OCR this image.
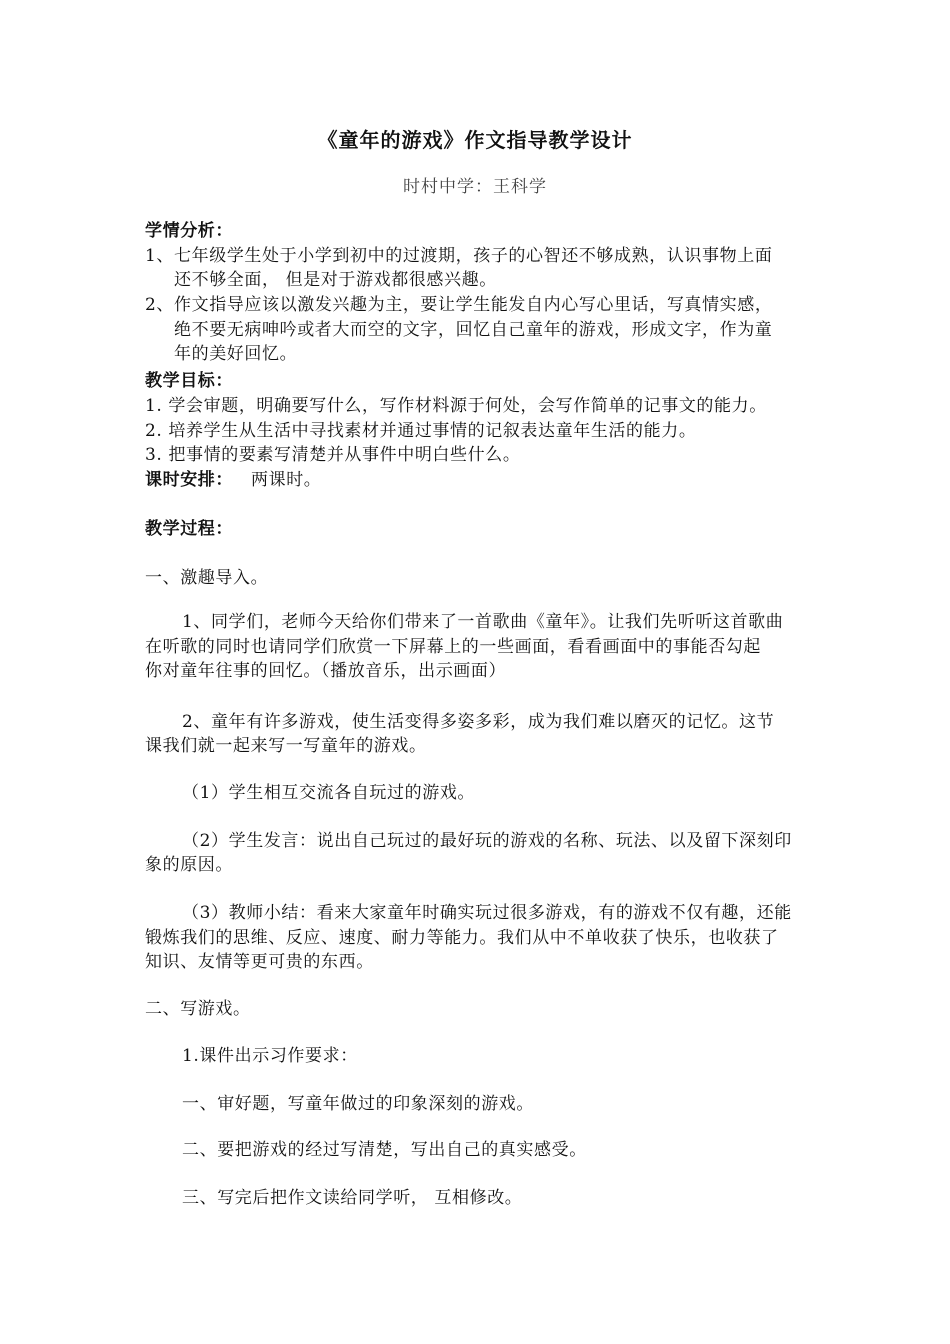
《童年的游戏》作文指导教学设计
时村中学：王科学
学情分析：
1、七年级学生处于小学到初中的过渡期，孩子的心智还不够成熟，认识事物上面
还不够全面， 但是对于游戏都很感兴趣。
2、作文指导应该以激发兴趣为主，要让学生能发自内心写心里话，写真情实感，
绝不要无病呻吟或者大而空的文字，回忆自己童年的游戏，形成文字，作为童
年的美好回忆。
教学目标：
1. 学会审题，明确要写什么，写作材料源于何处，会写作简单的记事文的能力。
2. 培养学生从生活中寻找素材并通过事情的记叙表达童年生活的能力。
3. 把事情的要素写清楚并从事件中明白些什么。
课时安排： 两课时。
教学过程：
一、激趣导入。
1、同学们，老师今天给你们带来了一首歌曲《童年》。让我们先听听这首歌曲
在听歌的同时也请同学们欣赏一下屏幕上的一些画面，看看画面中的事能否勾起
你对童年往事的回忆。（播放音乐，出示画面）
2、童年有许多游戏，使生活变得多姿多彩，成为我们难以磨灭的记忆。这节
课我们就一起来写一写童年的游戏。
（1）学生相互交流各自玩过的游戏。
（2）学生发言：说出自己玩过的最好玩的游戏的名称、玩法、以及留下深刻印
象的原因。
（3）教师小结：看来大家童年时确实玩过很多游戏，有的游戏不仅有趣，还能
锻炼我们的思维、反应、速度、耐力等能力。我们从中不单收获了快乐，也收获了
知识、友情等更可贵的东西。
二、写游戏。
1.课件出示习作要求：
一、审好题，写童年做过的印象深刻的游戏。
二、要把游戏的经过写清楚，写出自己的真实感受。
三、写完后把作文读给同学听， 互相修改。
